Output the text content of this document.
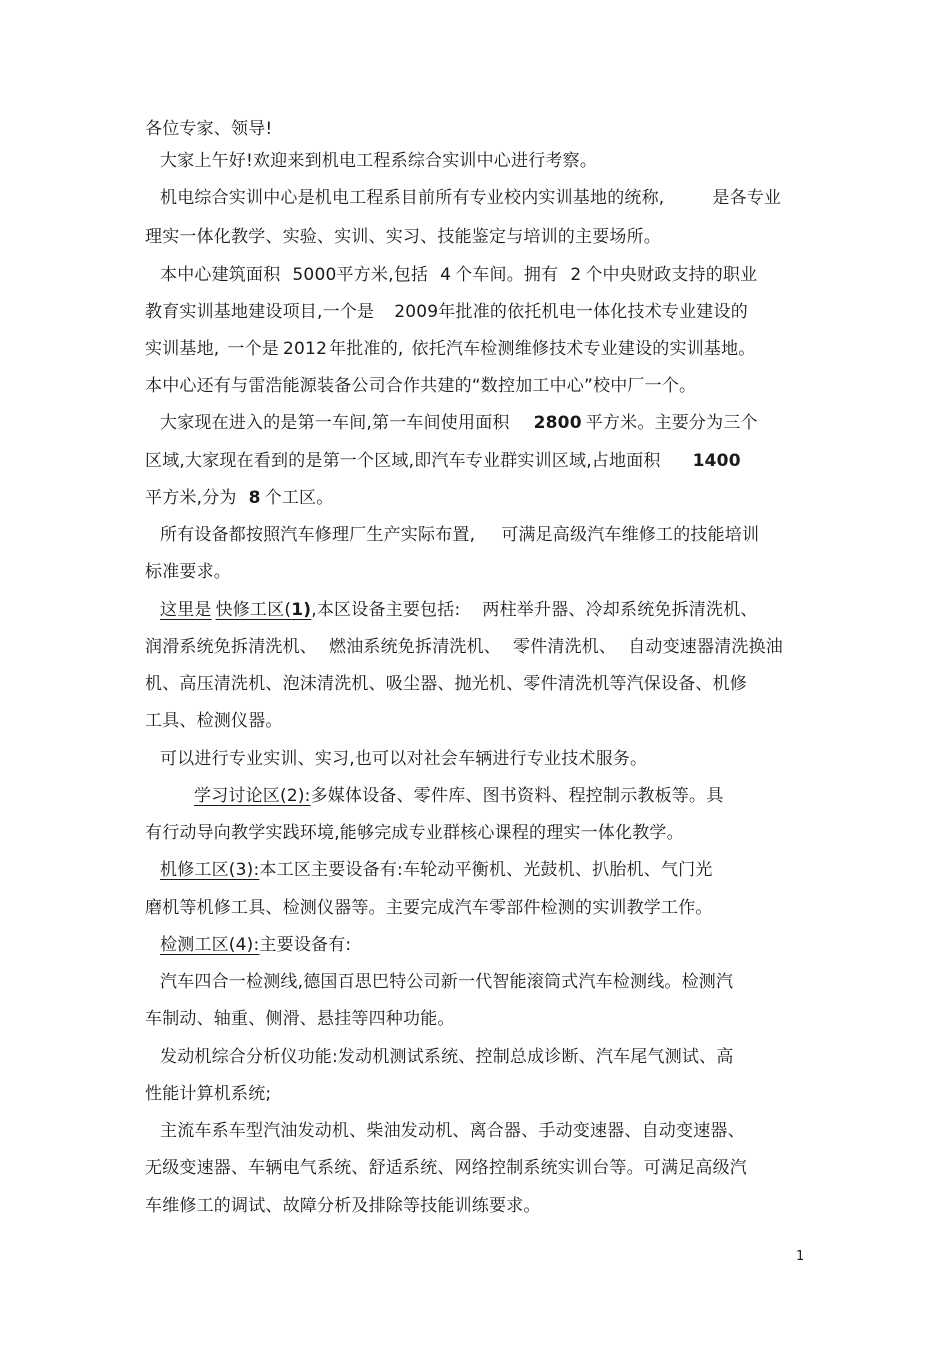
各位专家、领导!
大家上午好!欢迎来到机电工程系综合实训中心进行考察。
机电综合实训中心是机电工程系目前所有专业校内实训基地的统称,	是各专业
理实一体化教学、实验、实训、实习、技能鉴定与培训的主要场所。
本中心建筑面积 5000平方米,包括 4 个车间。拥有 2 个中央财政支持的职业
教育实训基地建设项目,一个是 2009年批准的依托机电一体化技术专业建设的
实训基地, 一个是 2012 年批准的, 依托汽车检测维修技术专业建设的实训基地。
本中心还有与雷浩能源装备公司合作共建的“数控加工中心”校中厂一个。
大家现在进入的是第一车间,第一车间使用面积 2800 平方米。主要分为三个
区域,大家现在看到的是第一个区域,即汽车专业群实训区域,占地面积 1400
平方米,分为 8 个工区。
所有设备都按照汽车修理厂生产实际布置, 可满足高级汽车维修工的技能培训
标准要求。
这里是 快修工区(1),本区设备主要包括: 两柱举升器、冷却系统免拆清洗机、
润滑系统免拆清洗机、 燃油系统免拆清洗机、 零件清洗机、 自动变速器清洗换油
机、高压清洗机、泡沫清洗机、吸尘器、抛光机、零件清洗机等汽保设备、机修
工具、检测仪器。
可以进行专业实训、实习,也可以对社会车辆进行专业技术服务。
学习讨论区(2):多媒体设备、零件库、图书资料、程控制示教板等。具
有行动导向教学实践环境,能够完成专业群核心课程的理实一体化教学。
机修工区(3):本工区主要设备有:车轮动平衡机、光鼓机、扒胎机、气门光
磨机等机修工具、检测仪器等。主要完成汽车零部件检测的实训教学工作。
检测工区(4):主要设备有:
汽车四合一检测线,德国百思巴特公司新一代智能滚筒式汽车检测线。检测汽
车制动、轴重、侧滑、悬挂等四种功能。
发动机综合分析仪功能:发动机测试系统、控制总成诊断、汽车尾气测试、高
性能计算机系统;
主流车系车型汽油发动机、柴油发动机、离合器、手动变速器、自动变速器、
无级变速器、车辆电气系统、舒适系统、网络控制系统实训台等。可满足高级汽
车维修工的调试、故障分析及排除等技能训练要求。
1
